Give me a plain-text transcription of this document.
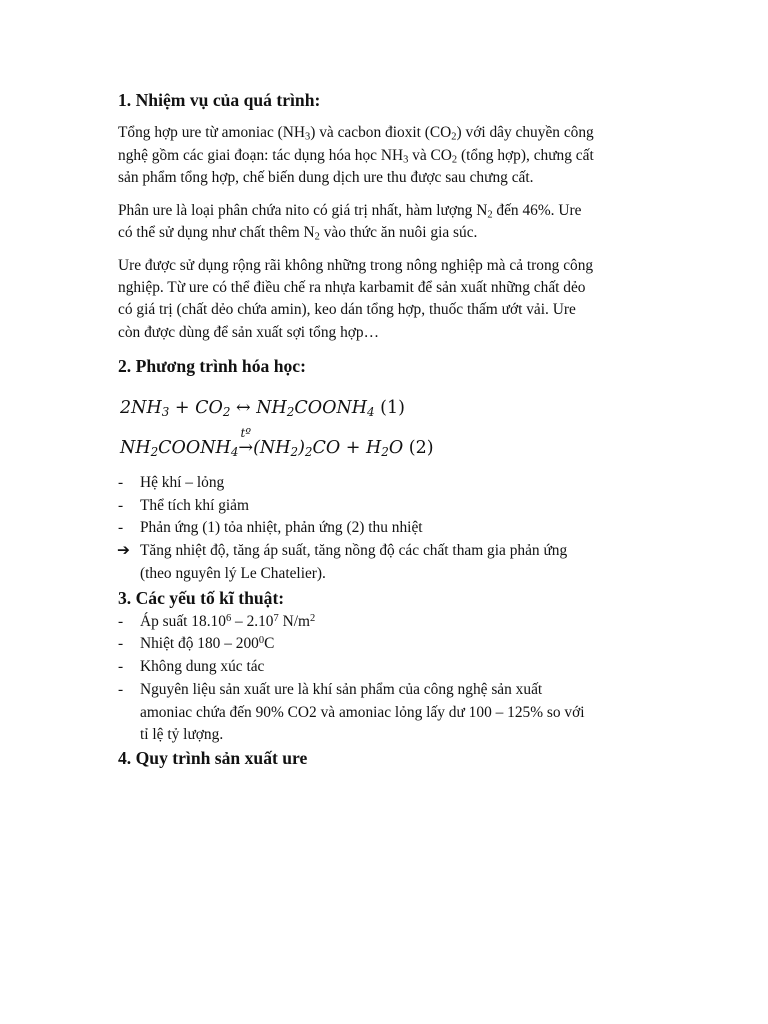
1. Nhiệm vụ của quá trình:
Tổng hợp ure từ amoniac $(NH_3)$ và cacbon đioxit $(CO_2)$ với dây chuyền công
nghệ gồm các giai đoạn: tác dụng hóa học $NH_3$ và $CO_2$ (tổng hợp), chưng cất
sản phẩm tổng hợp, chế biến dung dịch ure thu được sau chưng cất.
Phân ure là loại phân chứa nito có giá trị nhất, hàm lượng $N_2$ đến 46%. Ure
có thể sử dụng như chất thêm $N_2$ vào thức ăn nuôi gia súc.
Ure được sử dụng rộng rãi không những trong nông nghiệp mà cả trong công
nghiệp. Từ ure có thể điều chế ra nhựa karbamit để sản xuất những chất dẻo
có giá trị (chất dẻo chứa amin), keo dán tổng hợp, thuốc thấm ướt vải. Ure
còn được dùng để sản xuất sợi tổng hợp…
2. Phương trình hóa học:
$2NH_3 + CO_2$ ↔ $NH_2COONH_4$ (1)
$NH_2COONH_4$
tº
$\to(NH_2)_2CO + H_2O$ (2)
-	Hệ khí – lỏng
-	Thể tích khí giảm
-	Phản ứng (1) tỏa nhiệt, phản ứng (2) thu nhiệt
➔ Tăng nhiệt độ, tăng áp suất, tăng nồng độ các chất tham gia phản ứng
(theo nguyên lý Le Chatelier).
3. Các yếu tố kĩ thuật:
-	Áp suất 18.10$^6$ – 2.10$^7$ $N/m^2$
-	Nhiệt độ $180 - 200^0C$
-	Không dung xúc tác
-	Nguyên liệu sản xuất ure là khí sản phẩm của công nghệ sản xuất
amoniac chứa đến 90% CO2 và amoniac lỏng lấy dư 100 – 125% so với
tỉ lệ tỷ lượng.
4. Quy trình sản xuất ure
